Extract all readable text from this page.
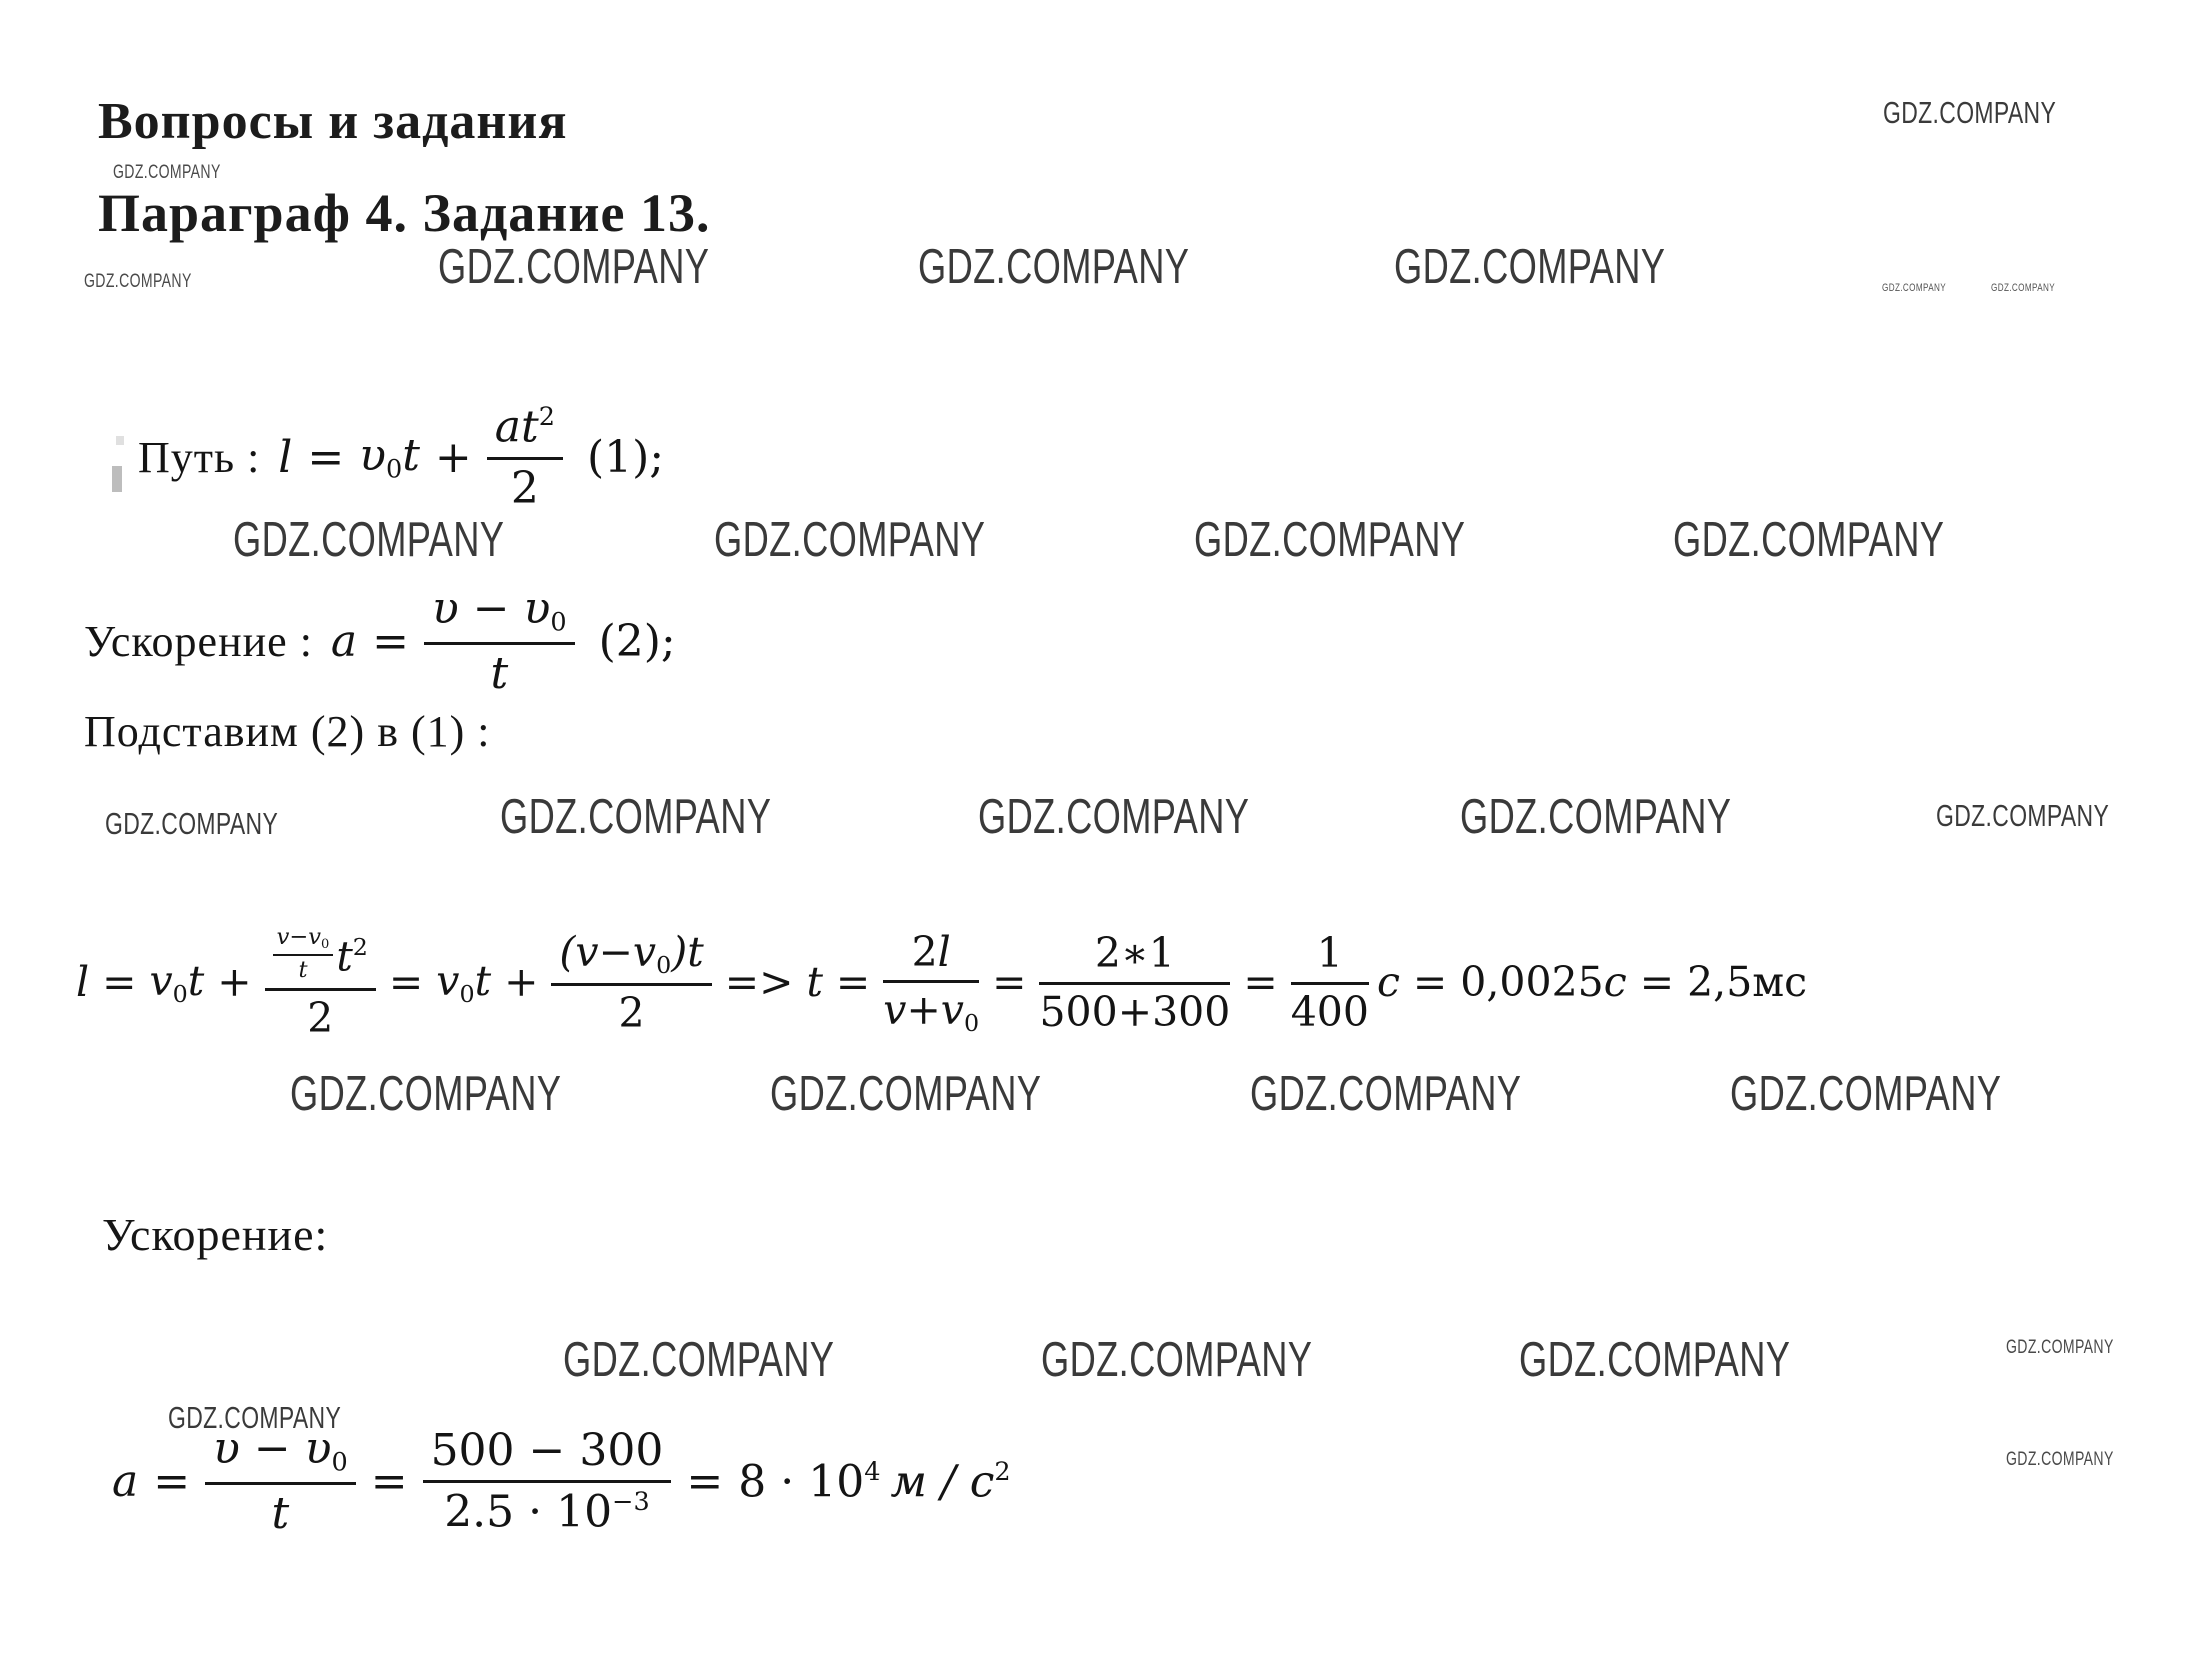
GDZ.COMPANY
GDZ.COMPANY
GDZ.COMPANY	GDZ.COMPANY	GDZ.COMPANY	GDZ.COMPANY	GDZ.COMPANY	GDZ.COMPANY
GDZ.COMPANY	GDZ.COMPANY	GDZ.COMPANY	GDZ.COMPANY
GDZ.COMPANY	GDZ.COMPANY	GDZ.COMPANY	GDZ.COMPANY	GDZ.COMPANY
GDZ.COMPANY	GDZ.COMPANY	GDZ.COMPANY	GDZ.COMPANY
GDZ.COMPANY	GDZ.COMPANY	GDZ.COMPANY	GDZ.COMPANY
GDZ.COMPANY
GDZ.COMPANY
Вопросы и задания
Параграф 4. Задание 13.
Путь : $l = \upsilon 0t + \frac{at^2}{2} (1)$;
Ускорение : $a = \frac{\upsilon - \upsilon 0}{t} (2)$;
Подставим (2) в (1) :
$l = v0t + \frac{\frac{v-v0}{t} t^2}{2} = v0t + \frac{(v-v0)t}{2} => t = \frac{2l}{v+v0} = \frac{2∗1}{500+300} = \frac{1}{400}$ c = 0,0025c = 2,5мс
Ускорение:
$a = \frac{\upsilon - \upsilon 0}{t} = \frac{500 - 300}{2.5 \cdot 10^{-3}} = 8 \cdot 10^4$ м / $с^2$
